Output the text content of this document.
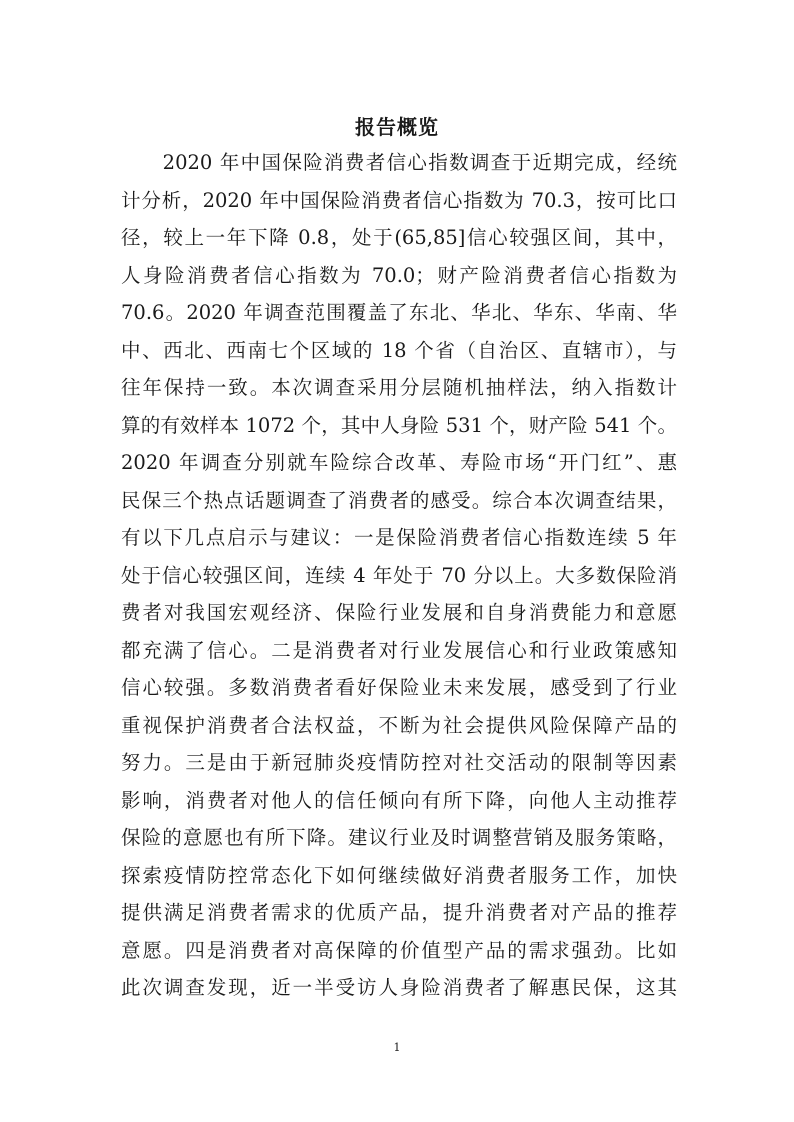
报告概览
　　2020 年中国保险消费者信心指数调查于近期完成，经统
计分析，2020 年中国保险消费者信心指数为 70.3，按可比口
径，较上一年下降 0.8，处于(65,85]信心较强区间，其中，
人身险消费者信心指数为 70.0；财产险消费者信心指数为
70.6。2020 年调查范围覆盖了东北、华北、华东、华南、华
中、西北、西南七个区域的 18 个省（自治区、直辖市），与
往年保持一致。本次调查采用分层随机抽样法，纳入指数计
算的有效样本 1072 个，其中人身险 531 个，财产险 541 个。
2020 年调查分别就车险综合改革、寿险市场“开门红”、惠
民保三个热点话题调查了消费者的感受。综合本次调查结果，
有以下几点启示与建议：一是保险消费者信心指数连续 5 年
处于信心较强区间，连续 4 年处于 70 分以上。大多数保险消
费者对我国宏观经济、保险行业发展和自身消费能力和意愿
都充满了信心。二是消费者对行业发展信心和行业政策感知
信心较强。多数消费者看好保险业未来发展，感受到了行业
重视保护消费者合法权益，不断为社会提供风险保障产品的
努力。三是由于新冠肺炎疫情防控对社交活动的限制等因素
影响，消费者对他人的信任倾向有所下降，向他人主动推荐
保险的意愿也有所下降。建议行业及时调整营销及服务策略，
探索疫情防控常态化下如何继续做好消费者服务工作，加快
提供满足消费者需求的优质产品，提升消费者对产品的推荐
意愿。四是消费者对高保障的价值型产品的需求强劲。比如
此次调查发现，近一半受访人身险消费者了解惠民保，这其
1
